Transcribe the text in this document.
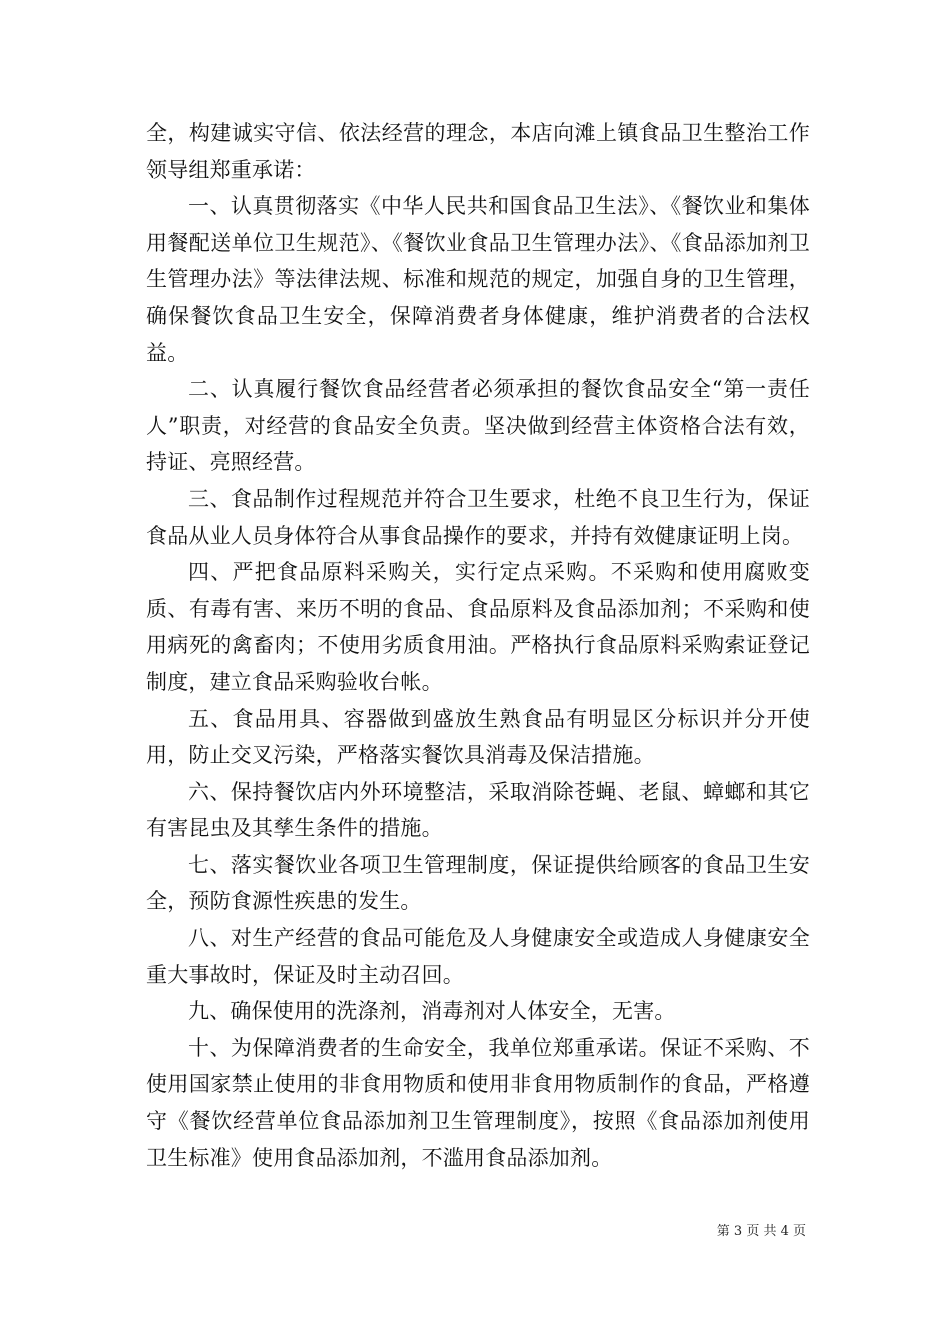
全，构建诚实守信、依法经营的理念，本店向滩上镇食品卫生整治工作领导组郑重承诺：

一、认真贯彻落实《中华人民共和国食品卫生法》、《餐饮业和集体用餐配送单位卫生规范》、《餐饮业食品卫生管理办法》、《食品添加剂卫生管理办法》等法律法规、标准和规范的规定，加强自身的卫生管理，确保餐饮食品卫生安全，保障消费者身体健康，维护消费者的合法权益。

二、认真履行餐饮食品经营者必须承担的餐饮食品安全“第一责任人”职责，对经营的食品安全负责。坚决做到经营主体资格合法有效，持证、亮照经营。

三、食品制作过程规范并符合卫生要求，杜绝不良卫生行为，保证食品从业人员身体符合从事食品操作的要求，并持有效健康证明上岗。

四、严把食品原料采购关，实行定点采购。不采购和使用腐败变质、有毒有害、来历不明的食品、食品原料及食品添加剂；不采购和使用病死的禽畜肉；不使用劣质食用油。严格执行食品原料采购索证登记制度，建立食品采购验收台帐。

五、食品用具、容器做到盛放生熟食品有明显区分标识并分开使用，防止交叉污染，严格落实餐饮具消毒及保洁措施。

六、保持餐饮店内外环境整洁，采取消除苍蝇、老鼠、蟑螂和其它有害昆虫及其孳生条件的措施。

七、落实餐饮业各项卫生管理制度，保证提供给顾客的食品卫生安全，预防食源性疾患的发生。

八、对生产经营的食品可能危及人身健康安全或造成人身健康安全重大事故时，保证及时主动召回。

九、确保使用的洗涤剂，消毒剂对人体安全，无害。

十、为保障消费者的生命安全，我单位郑重承诺。保证不采购、不使用国家禁止使用的非食用物质和使用非食用物质制作的食品，严格遵守《餐饮经营单位食品添加剂卫生管理制度》，按照《食品添加剂使用卫生标准》使用食品添加剂，不滥用食品添加剂。

第 3 页 共 4 页
